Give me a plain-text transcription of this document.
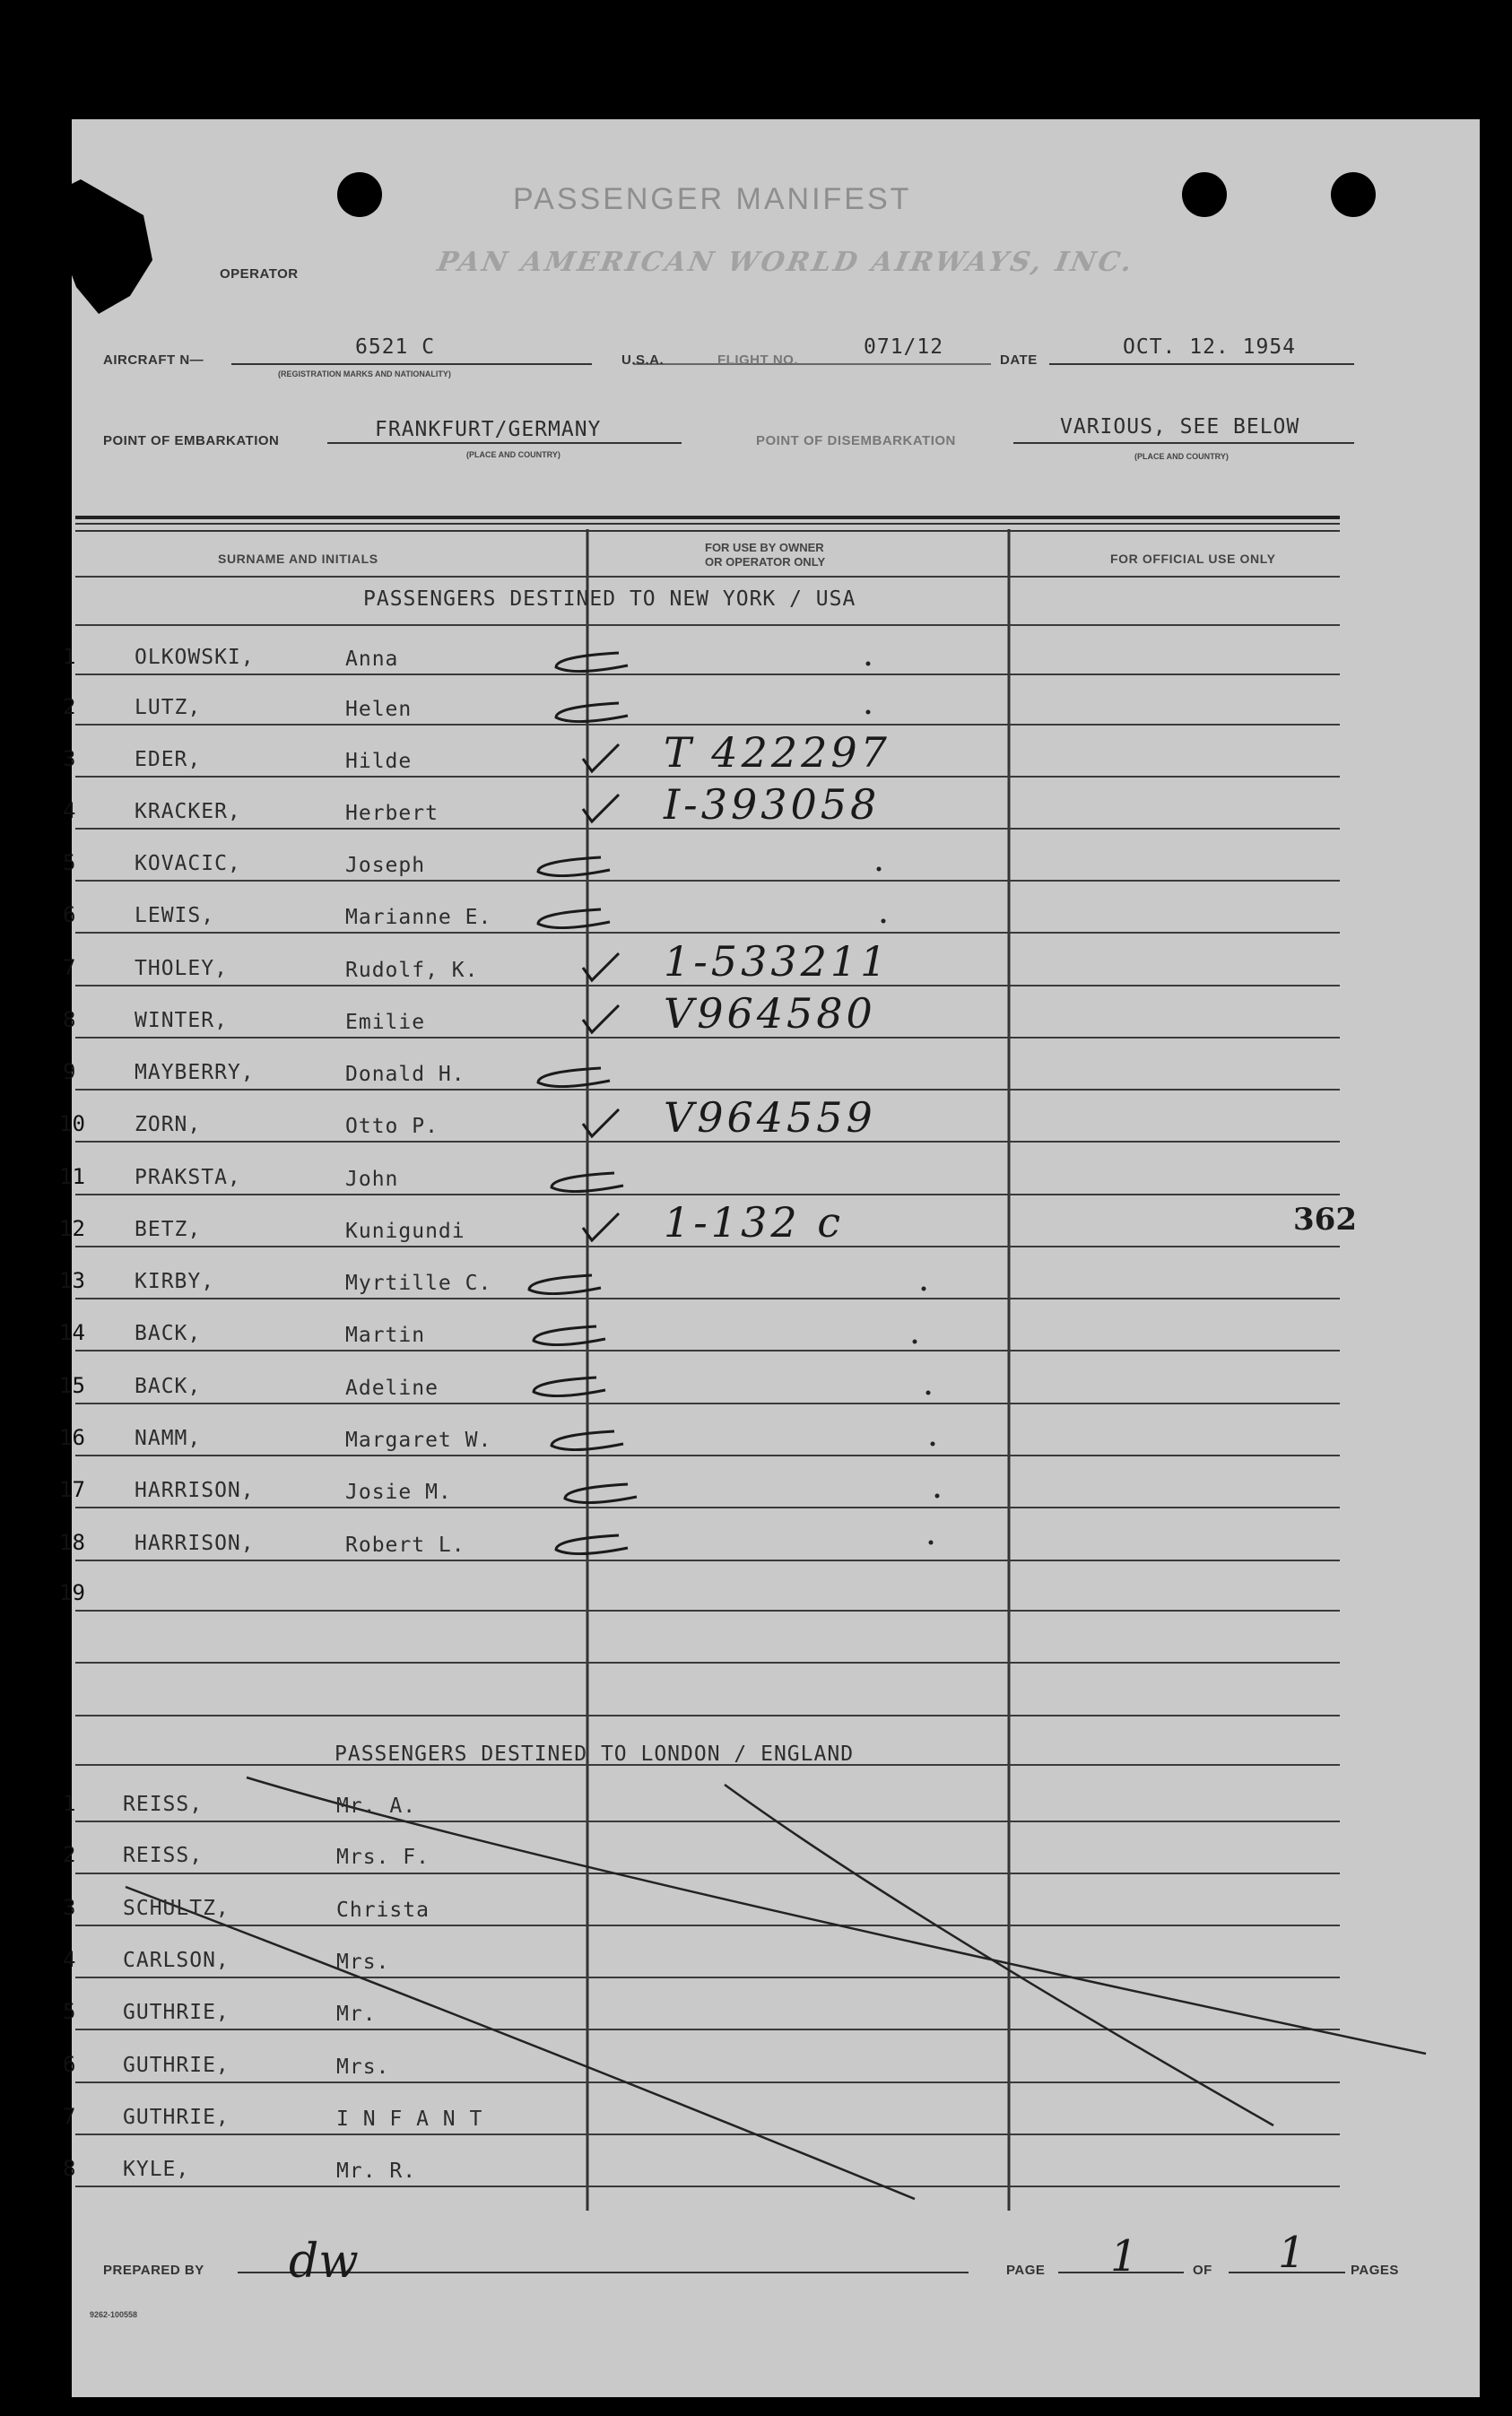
PASSENGER MANIFEST
PAN AMERICAN WORLD AIRWAYS, INC.
OPERATOR
AIRCRAFT N—
6521 C
(REGISTRATION MARKS AND NATIONALITY)
U.S.A.	FLIGHT NO.
071/12
DATE
OCT. 12. 1954
POINT OF EMBARKATION	FRANKFURT/GERMANY
(PLACE AND COUNTRY)
POINT OF DISEMBARKATION
VARIOUS, SEE BELOW
(PLACE AND COUNTRY)
SURNAME AND INITIALS
FOR USE BY OWNER
OR OPERATOR ONLY	FOR OFFICIAL USE ONLY
PASSENGERS DESTINED TO NEW YORK / USA
PASSENGERS DESTINED TO LONDON / ENGLAND
1	OLKOWSKI,	Anna
2	LUTZ,	Helen
3	EDER,	Hilde	T 422297
4	KRACKER,	Herbert	I-393058
5	KOVACIC,	Joseph
6	LEWIS,	Marianne E.
7	THOLEY,	Rudolf, K.	1-533211
8	WINTER,	Emilie	V964580
9	MAYBERRY,	Donald H.
10 ZORN,	Otto P.	V964559
11 PRAKSTA,	John
12 BETZ,	Kunigundi	1-132 c
13 KIRBY,	Myrtille C.
14 BACK,	Martin
15 BACK,	Adeline
16 NAMM,	Margaret W.
17 HARRISON,	Josie M.
18 HARRISON,	Robert L.
19
1 REISS,	Mr. A.
2 REISS,	Mrs. F.
3 SCHULTZ,	Christa
4 CARLSON,	Mrs.
5 GUTHRIE,	Mr.
6 GUTHRIE,	Mrs.
7 GUTHRIE,	I N F A N T
8 KYLE,	Mr. R.
362
PREPARED BY dw	PAGE 1	OF 1	PAGES
9262-100558
